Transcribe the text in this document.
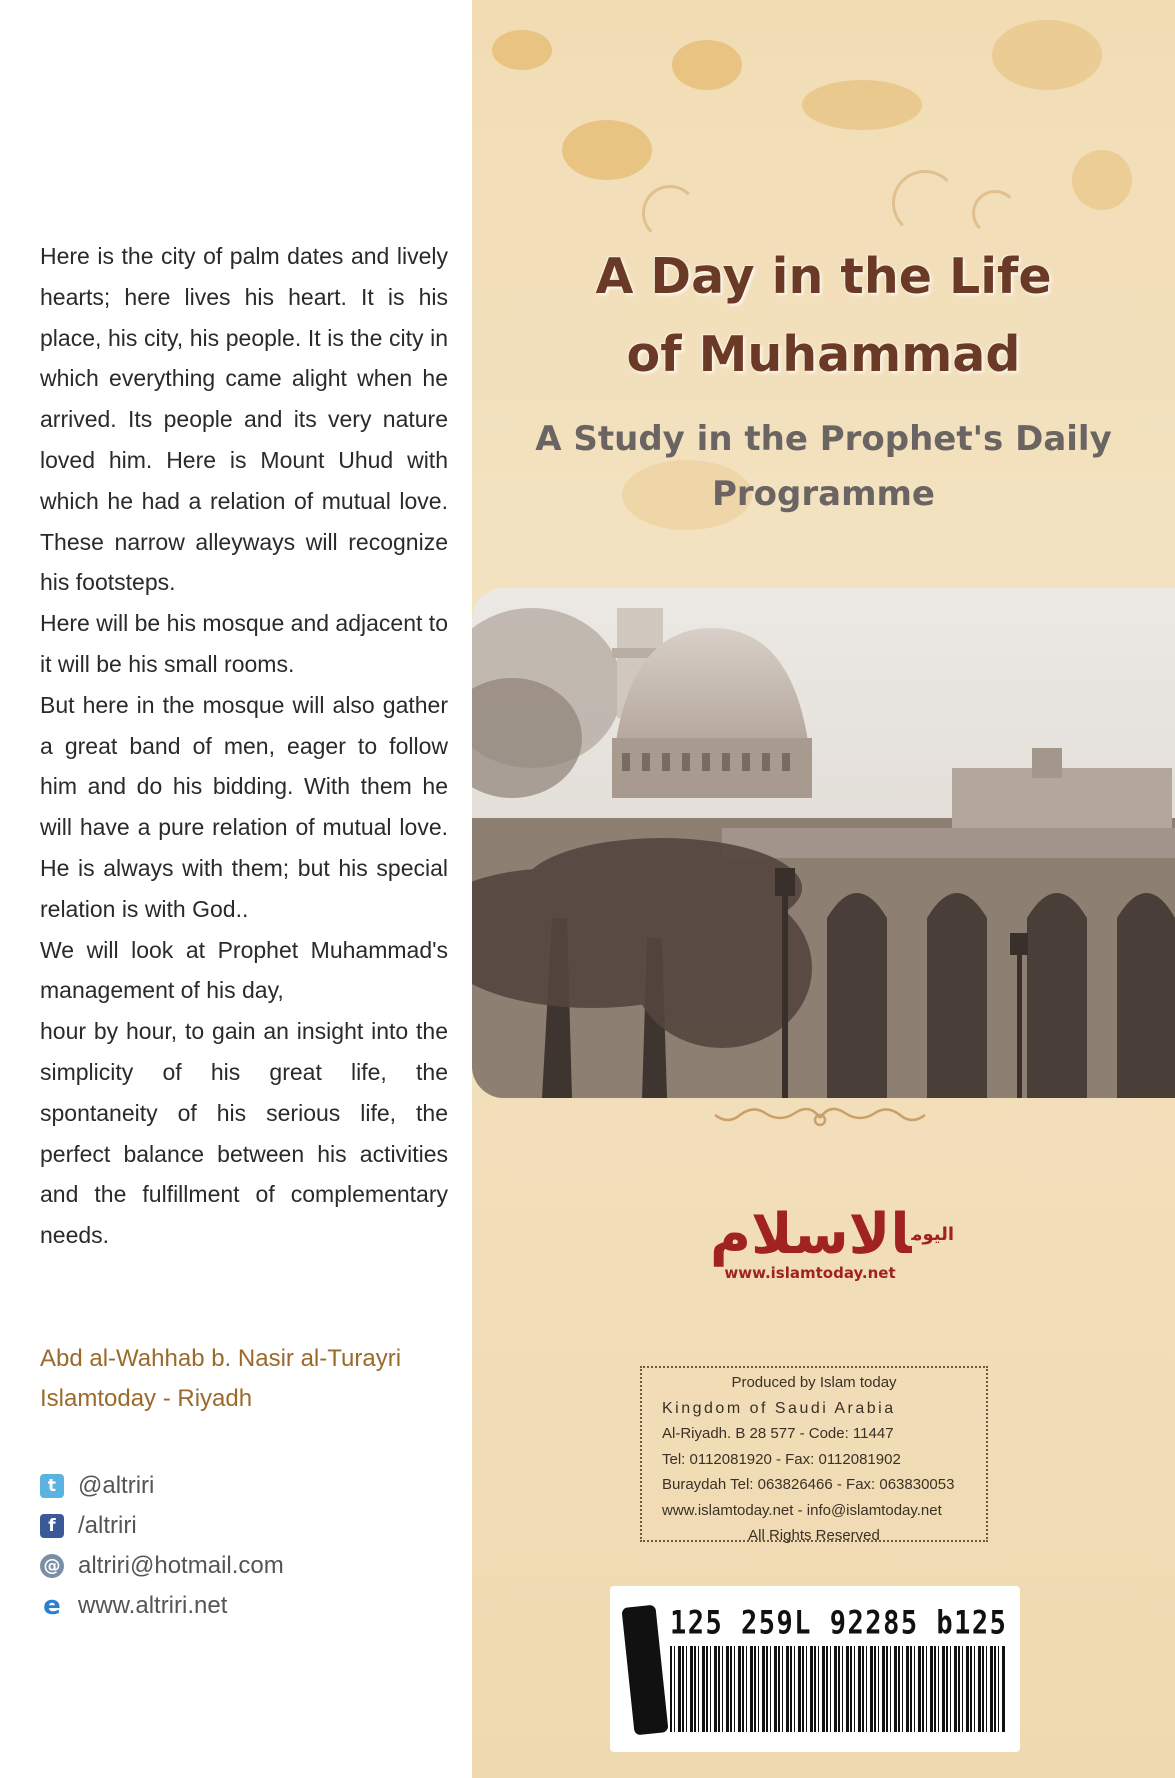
Here is the city of palm dates and lively hearts; here lives his heart. It is his place, his city, his people. It is the city in which everything came alight when he arrived. Its people and its very nature loved him. Here is Mount Uhud with which he had a relation of mutual love. These narrow alleyways will recognize his footsteps.

Here will be his mosque and adjacent to it will be his small rooms.

But here in the mosque will also gather a great band of men, eager to follow him and do his bidding. With them he will have a pure relation of mutual love. He is always with them; but his special relation is with God..

We will look at Prophet Muhammad's management of his day,

hour by hour, to gain an insight into the simplicity of his great life, the spontaneity of his serious life, the perfect balance between his activities and the fulfillment of complementary needs.

Abd al-Wahhab b. Nasir al-Turayri
Islamtoday - Riyadh
t @altriri
f /altriri
@ altriri@hotmail.com
e www.altriri.net
A Day in the Life
of Muhammad
A Study in the Prophet's Daily
Programme
$^{اليوم}$الاسلام
www.islamtoday.net
Produced by Islam today
Kingdom of Saudi Arabia
Al-Riyadh. B 28 577 - Code: 11447
Tel: 0112081920 - Fax: 0112081902
Buraydah Tel: 063826466 - Fax: 063830053
www.islamtoday.net - info@islamtoday.net
All Rights Reserved
125 259L 92285 b125
